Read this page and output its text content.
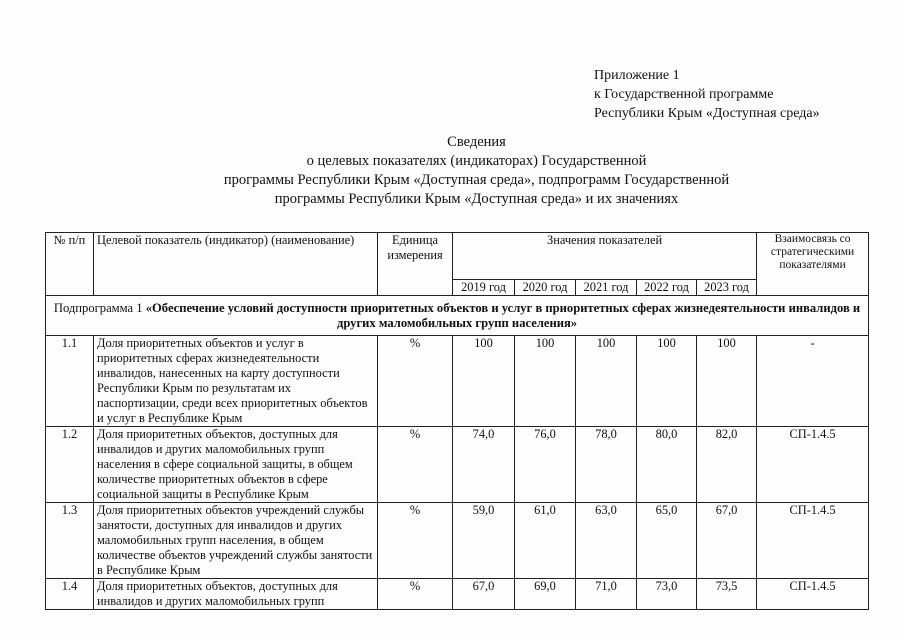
Приложение 1
к Государственной программе
Республики Крым «Доступная среда»
Сведения
о целевых показателях (индикаторах) Государственной
программы Республики Крым «Доступная среда», подпрограмм Государственной
программы Республики Крым «Доступная среда» и их значениях
№ п/п	Целевой показатель (индикатор) (наименование)	Единица измерения	Значения показателей					Взаимосвязь со стратегическими показателями
			2019 год	2020 год	2021 год	2022 год	2023 год	
Подпрограмма 1 «Обеспечение условий доступности приоритетных объектов и услуг в приоритетных сферах жизнедеятельности инвалидов и других маломобильных групп населения»								
1.1	Доля приоритетных объектов и услуг в приоритетных сферах жизнедеятельности инвалидов, нанесенных на карту доступности Республики Крым по результатам их паспортизации, среди всех приоритетных объектов и услуг в Республике Крым	%	100	100	100	100	100	-
1.2	Доля приоритетных объектов, доступных для инвалидов и других маломобильных групп населения в сфере социальной защиты, в общем количестве приоритетных объектов в сфере социальной защиты в Республике Крым	%	74,0	76,0	78,0	80,0	82,0	СП-1.4.5
1.3	Доля приоритетных объектов учреждений службы занятости, доступных для инвалидов и других маломобильных групп населения, в общем количестве объектов учреждений службы занятости в Республике Крым	%	59,0	61,0	63,0	65,0	67,0	СП-1.4.5
1.4	Доля приоритетных объектов, доступных для инвалидов и других маломобильных групп	%	67,0	69,0	71,0	73,0	73,5	СП-1.4.5
